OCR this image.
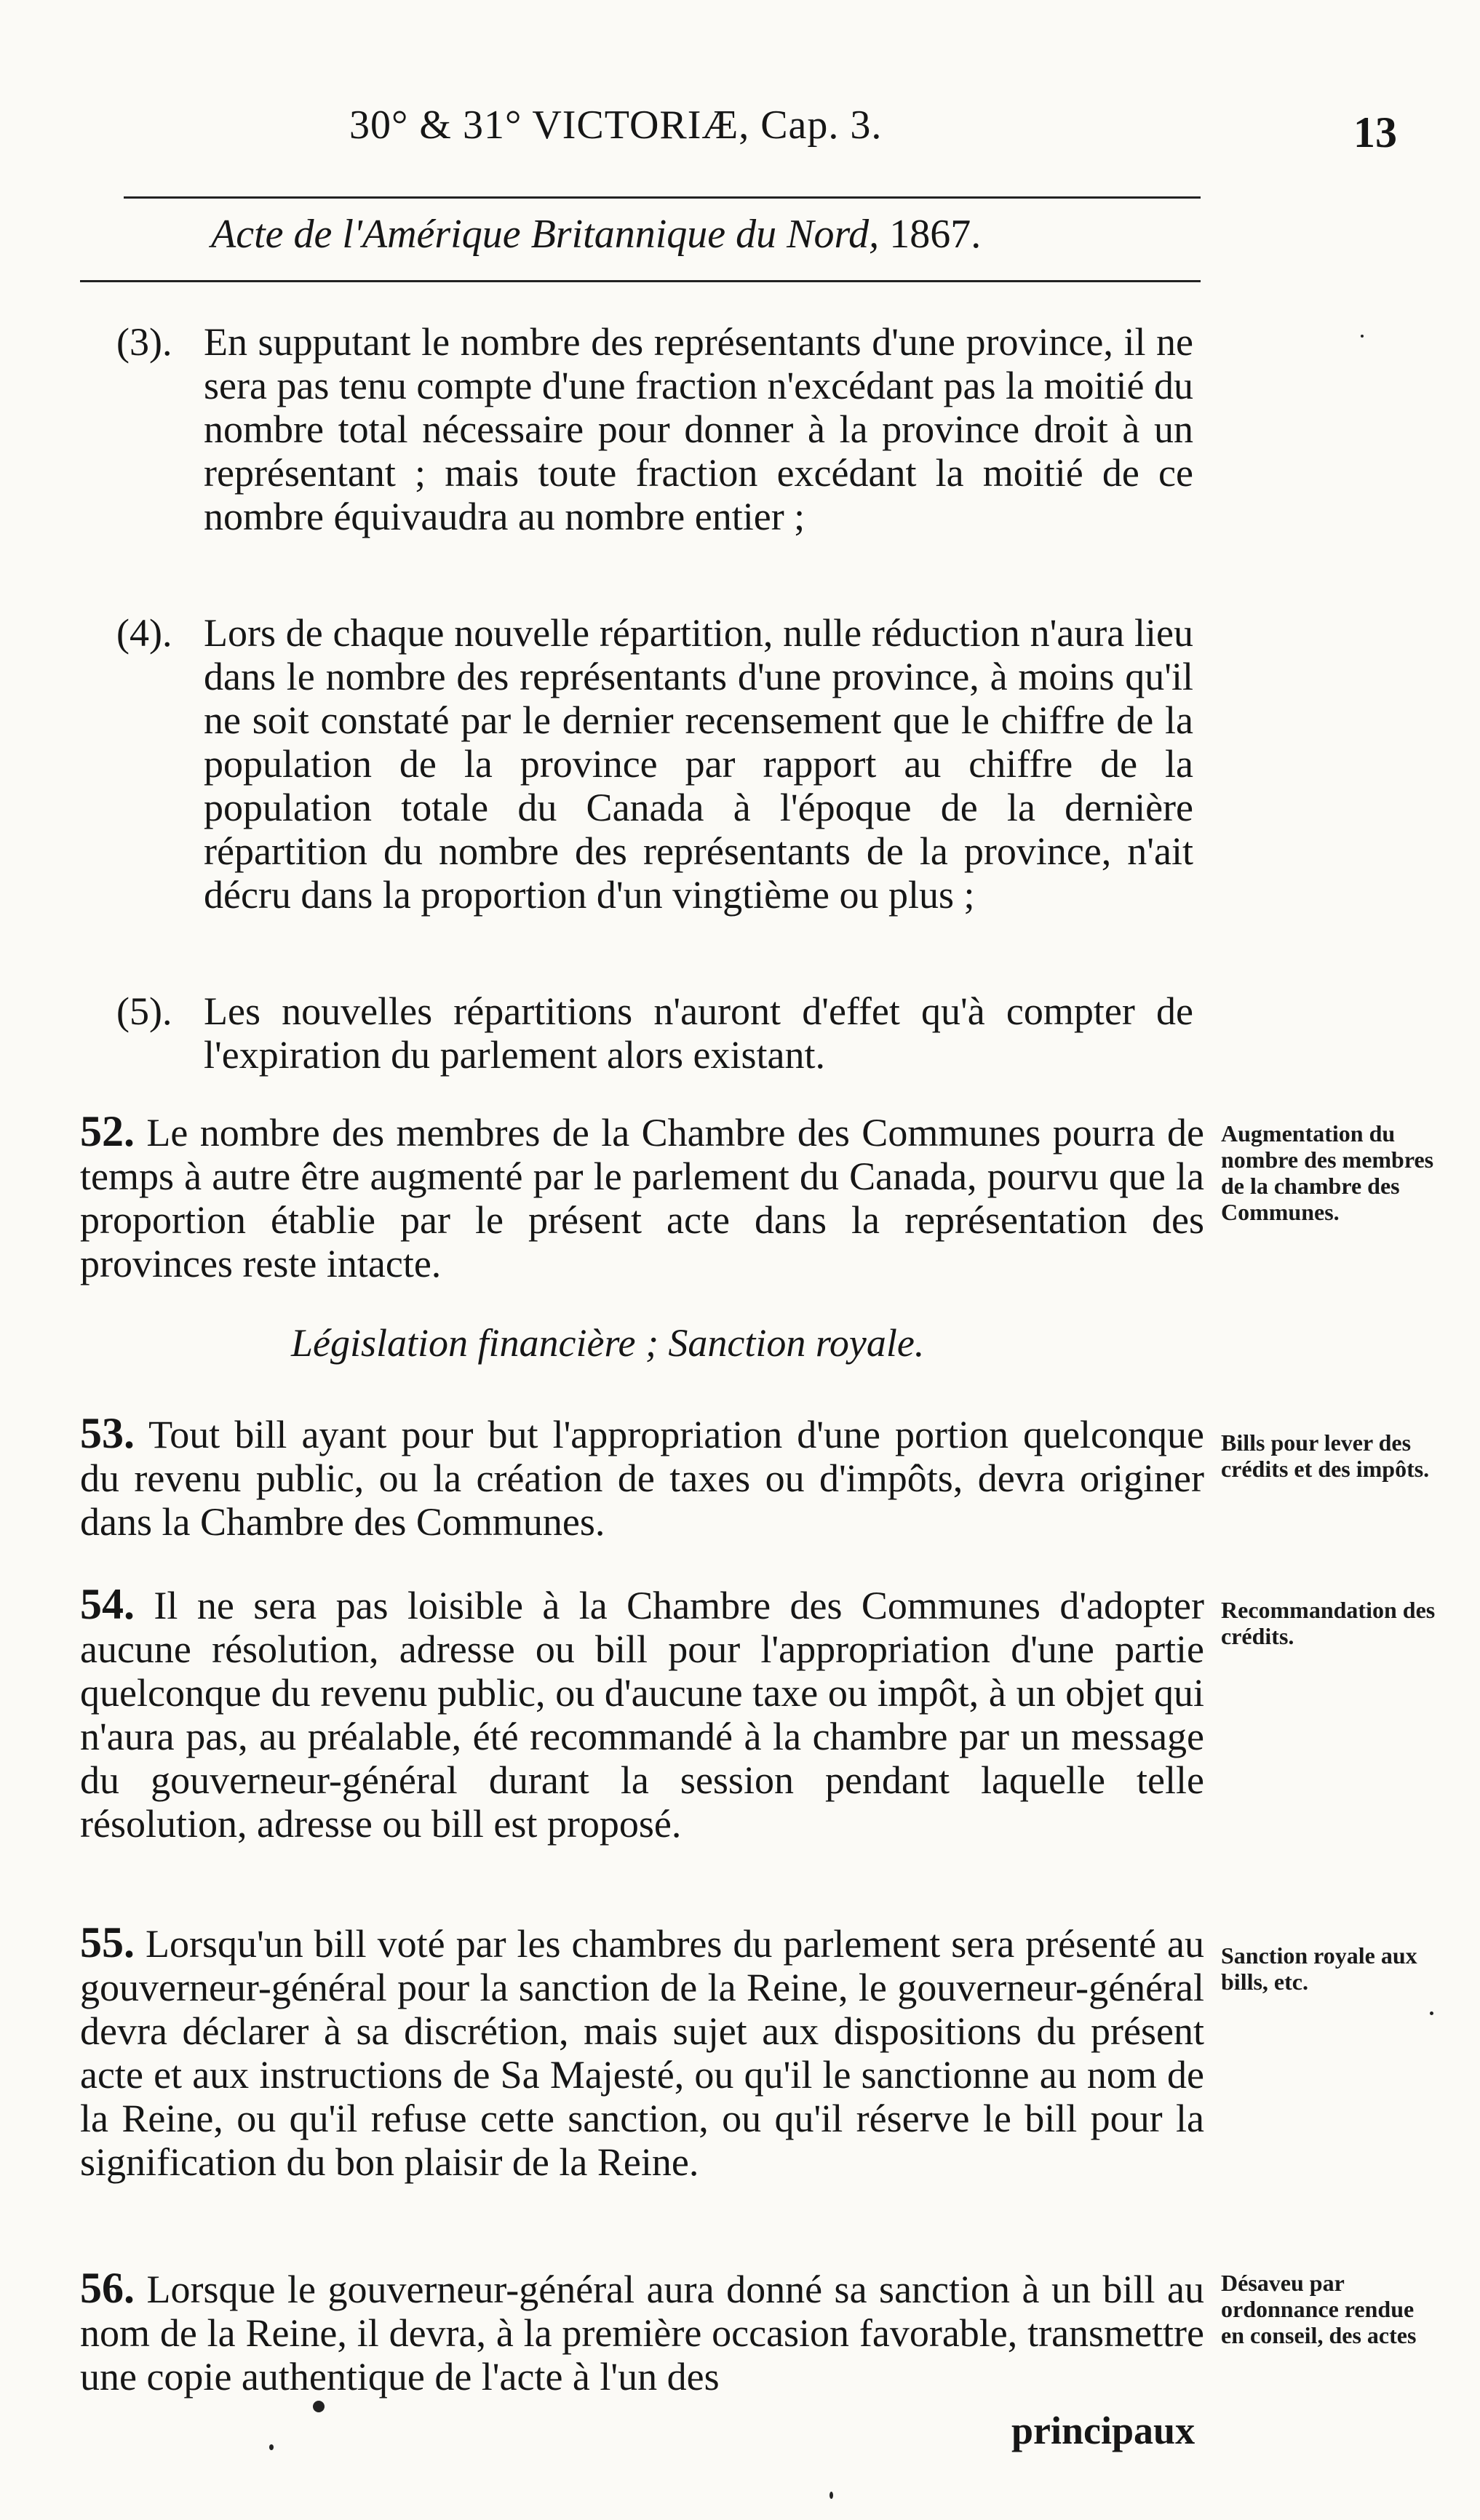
30° & 31° VICTORIÆ, Cap. 3.	13
Acte de l'Amérique Britannique du Nord, 1867.
(3). En supputant le nombre des représentants d'une province, il ne sera pas tenu compte d'une fraction n'excédant pas la moitié du nombre total nécessaire pour donner à la province droit à un représentant ; mais toute fraction excédant la moitié de ce nombre équivaudra au nombre entier ;
(4). Lors de chaque nouvelle répartition, nulle réduction n'aura lieu dans le nombre des représentants d'une province, à moins qu'il ne soit constaté par le dernier recensement que le chiffre de la population de la province par rapport au chiffre de la population totale du Canada à l'époque de la dernière répartition du nombre des représentants de la province, n'ait décru dans la proportion d'un vingtième ou plus ;
(5). Les nouvelles répartitions n'auront d'effet qu'à compter de l'expiration du parlement alors existant.
52. Le nombre des membres de la Chambre des Communes pourra de temps à autre être augmenté par le parlement du Canada, pourvu que la proportion établie par le présent acte dans la représentation des provinces reste intacte.
Augmentation du nombre des membres de la chambre des Communes.
Législation financière ; Sanction royale.
53. Tout bill ayant pour but l'appropriation d'une portion quelconque du revenu public, ou la création de taxes ou d'impôts, devra originer dans la Chambre des Communes.
Bills pour lever des crédits et des impôts.
54. Il ne sera pas loisible à la Chambre des Communes d'adopter aucune résolution, adresse ou bill pour l'appropriation d'une partie quelconque du revenu public, ou d'aucune taxe ou impôt, à un objet qui n'aura pas, au préalable, été recommandé à la chambre par un message du gouverneur-général durant la session pendant laquelle telle résolution, adresse ou bill est proposé.
Recommandation des crédits.
55. Lorsqu'un bill voté par les chambres du parlement sera présenté au gouverneur-général pour la sanction de la Reine, le gouverneur-général devra déclarer à sa discrétion, mais sujet aux dispositions du présent acte et aux instructions de Sa Majesté, ou qu'il le sanctionne au nom de la Reine, ou qu'il refuse cette sanction, ou qu'il réserve le bill pour la signification du bon plaisir de la Reine.
Sanction royale aux bills, etc.
56. Lorsque le gouverneur-général aura donné sa sanction à un bill au nom de la Reine, il devra, à la première occasion favorable, transmettre une copie authentique de l'acte à l'un des
Désaveu par ordonnance rendue en conseil, des actes
principaux
